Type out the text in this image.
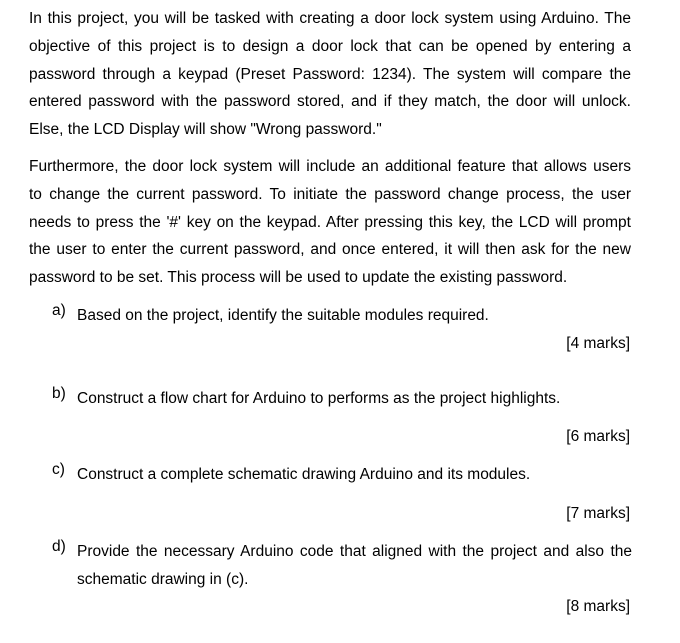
In this project, you will be tasked with creating a door lock system using Arduino. The
objective of this project is to design a door lock that can be opened by entering a
password through a keypad (Preset Password: 1234). The system will compare the
entered password with the password stored, and if they match, the door will unlock.
Else, the LCD Display will show "Wrong password."
Furthermore, the door lock system will include an additional feature that allows users
to change the current password. To initiate the password change process, the user
needs to press the '#' key on the keypad. After pressing this key, the LCD will prompt
the user to enter the current password, and once entered, it will then ask for the new
password to be set. This process will be used to update the existing password.
a) Based on the project, identify the suitable modules required.
[4 marks]
b) Construct a flow chart for Arduino to performs as the project highlights.
[6 marks]
c) Construct a complete schematic drawing Arduino and its modules.
[7 marks]
d) Provide the necessary Arduino code that aligned with the project and also the
schematic drawing in (c).
[8 marks]
